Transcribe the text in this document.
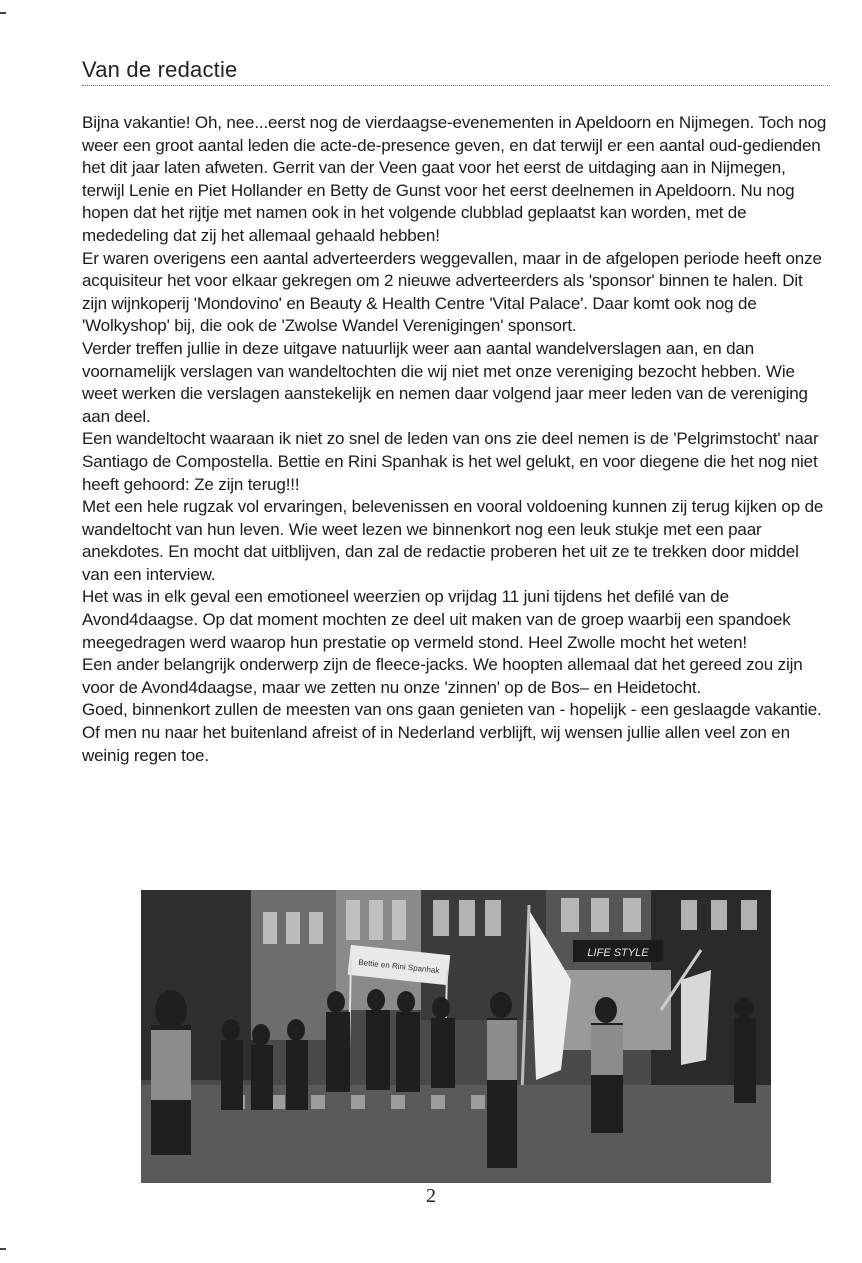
Van de redactie

Bijna vakantie! Oh, nee...eerst nog de vierdaagse-evenementen in Apeldoorn en Nijmegen. Toch nog weer een groot aantal leden die acte-de-presence geven, en dat terwijl er een aantal oud-gedienden het dit jaar laten afweten. Gerrit van der Veen gaat voor het eerst de uitdaging aan in Nijmegen, terwijl Lenie en Piet Hollander en Betty de Gunst voor het eerst deelnemen in Apeldoorn. Nu nog hopen dat het rijtje met namen ook in het volgende clubblad geplaatst kan worden, met de mededeling dat zij het allemaal gehaald hebben!

Er waren overigens een aantal adverteerders weggevallen, maar in de afgelopen periode heeft onze acquisiteur het voor elkaar gekregen om 2 nieuwe adverteerders als 'sponsor' binnen te halen. Dit zijn wijnkoperij 'Mondovino' en Beauty & Health Centre 'Vital Palace'. Daar komt ook nog de 'Wolkyshop' bij, die ook de 'Zwolse Wandel Verenigingen' sponsort.

Verder treffen jullie in deze uitgave natuurlijk weer aan aantal wandelverslagen aan, en dan voornamelijk verslagen van wandeltochten die wij niet met onze vereniging bezocht hebben. Wie weet werken die verslagen aanstekelijk en nemen daar volgend jaar meer leden van de vereniging aan deel.

Een wandeltocht waaraan ik niet zo snel de leden van ons zie deel nemen is de 'Pelgrimstocht' naar Santiago de Compostella. Bettie en Rini Spanhak is het wel gelukt, en voor diegene die het nog niet heeft gehoord: Ze zijn terug!!!

Met een hele rugzak vol ervaringen, belevenissen en vooral voldoening kunnen zij terug kijken op de wandeltocht van hun leven. Wie weet lezen we binnenkort nog een leuk stukje met een paar anekdotes. En mocht dat uitblijven, dan zal de redactie proberen het uit ze te trekken door middel van een interview.

Het was in elk geval een emotioneel weerzien op vrijdag 11 juni tijdens het defilé van de Avond4daagse. Op dat moment mochten ze deel uit maken van de groep waarbij een spandoek meegedragen werd waarop hun prestatie op vermeld stond. Heel Zwolle mocht het weten!

Een ander belangrijk onderwerp zijn de fleece-jacks. We hoopten allemaal dat het gereed zou zijn voor de Avond4daagse, maar we zetten nu onze 'zinnen' op de Bos– en Heidetocht.

Goed, binnenkort zullen de meesten van ons gaan genieten van - hopelijk - een geslaagde vakantie. Of men nu naar het buitenland afreist of in Nederland verblijft, wij wensen jullie allen veel zon en weinig regen toe.

LIFE STYLE
Bettie en Rini Spanhak
2
